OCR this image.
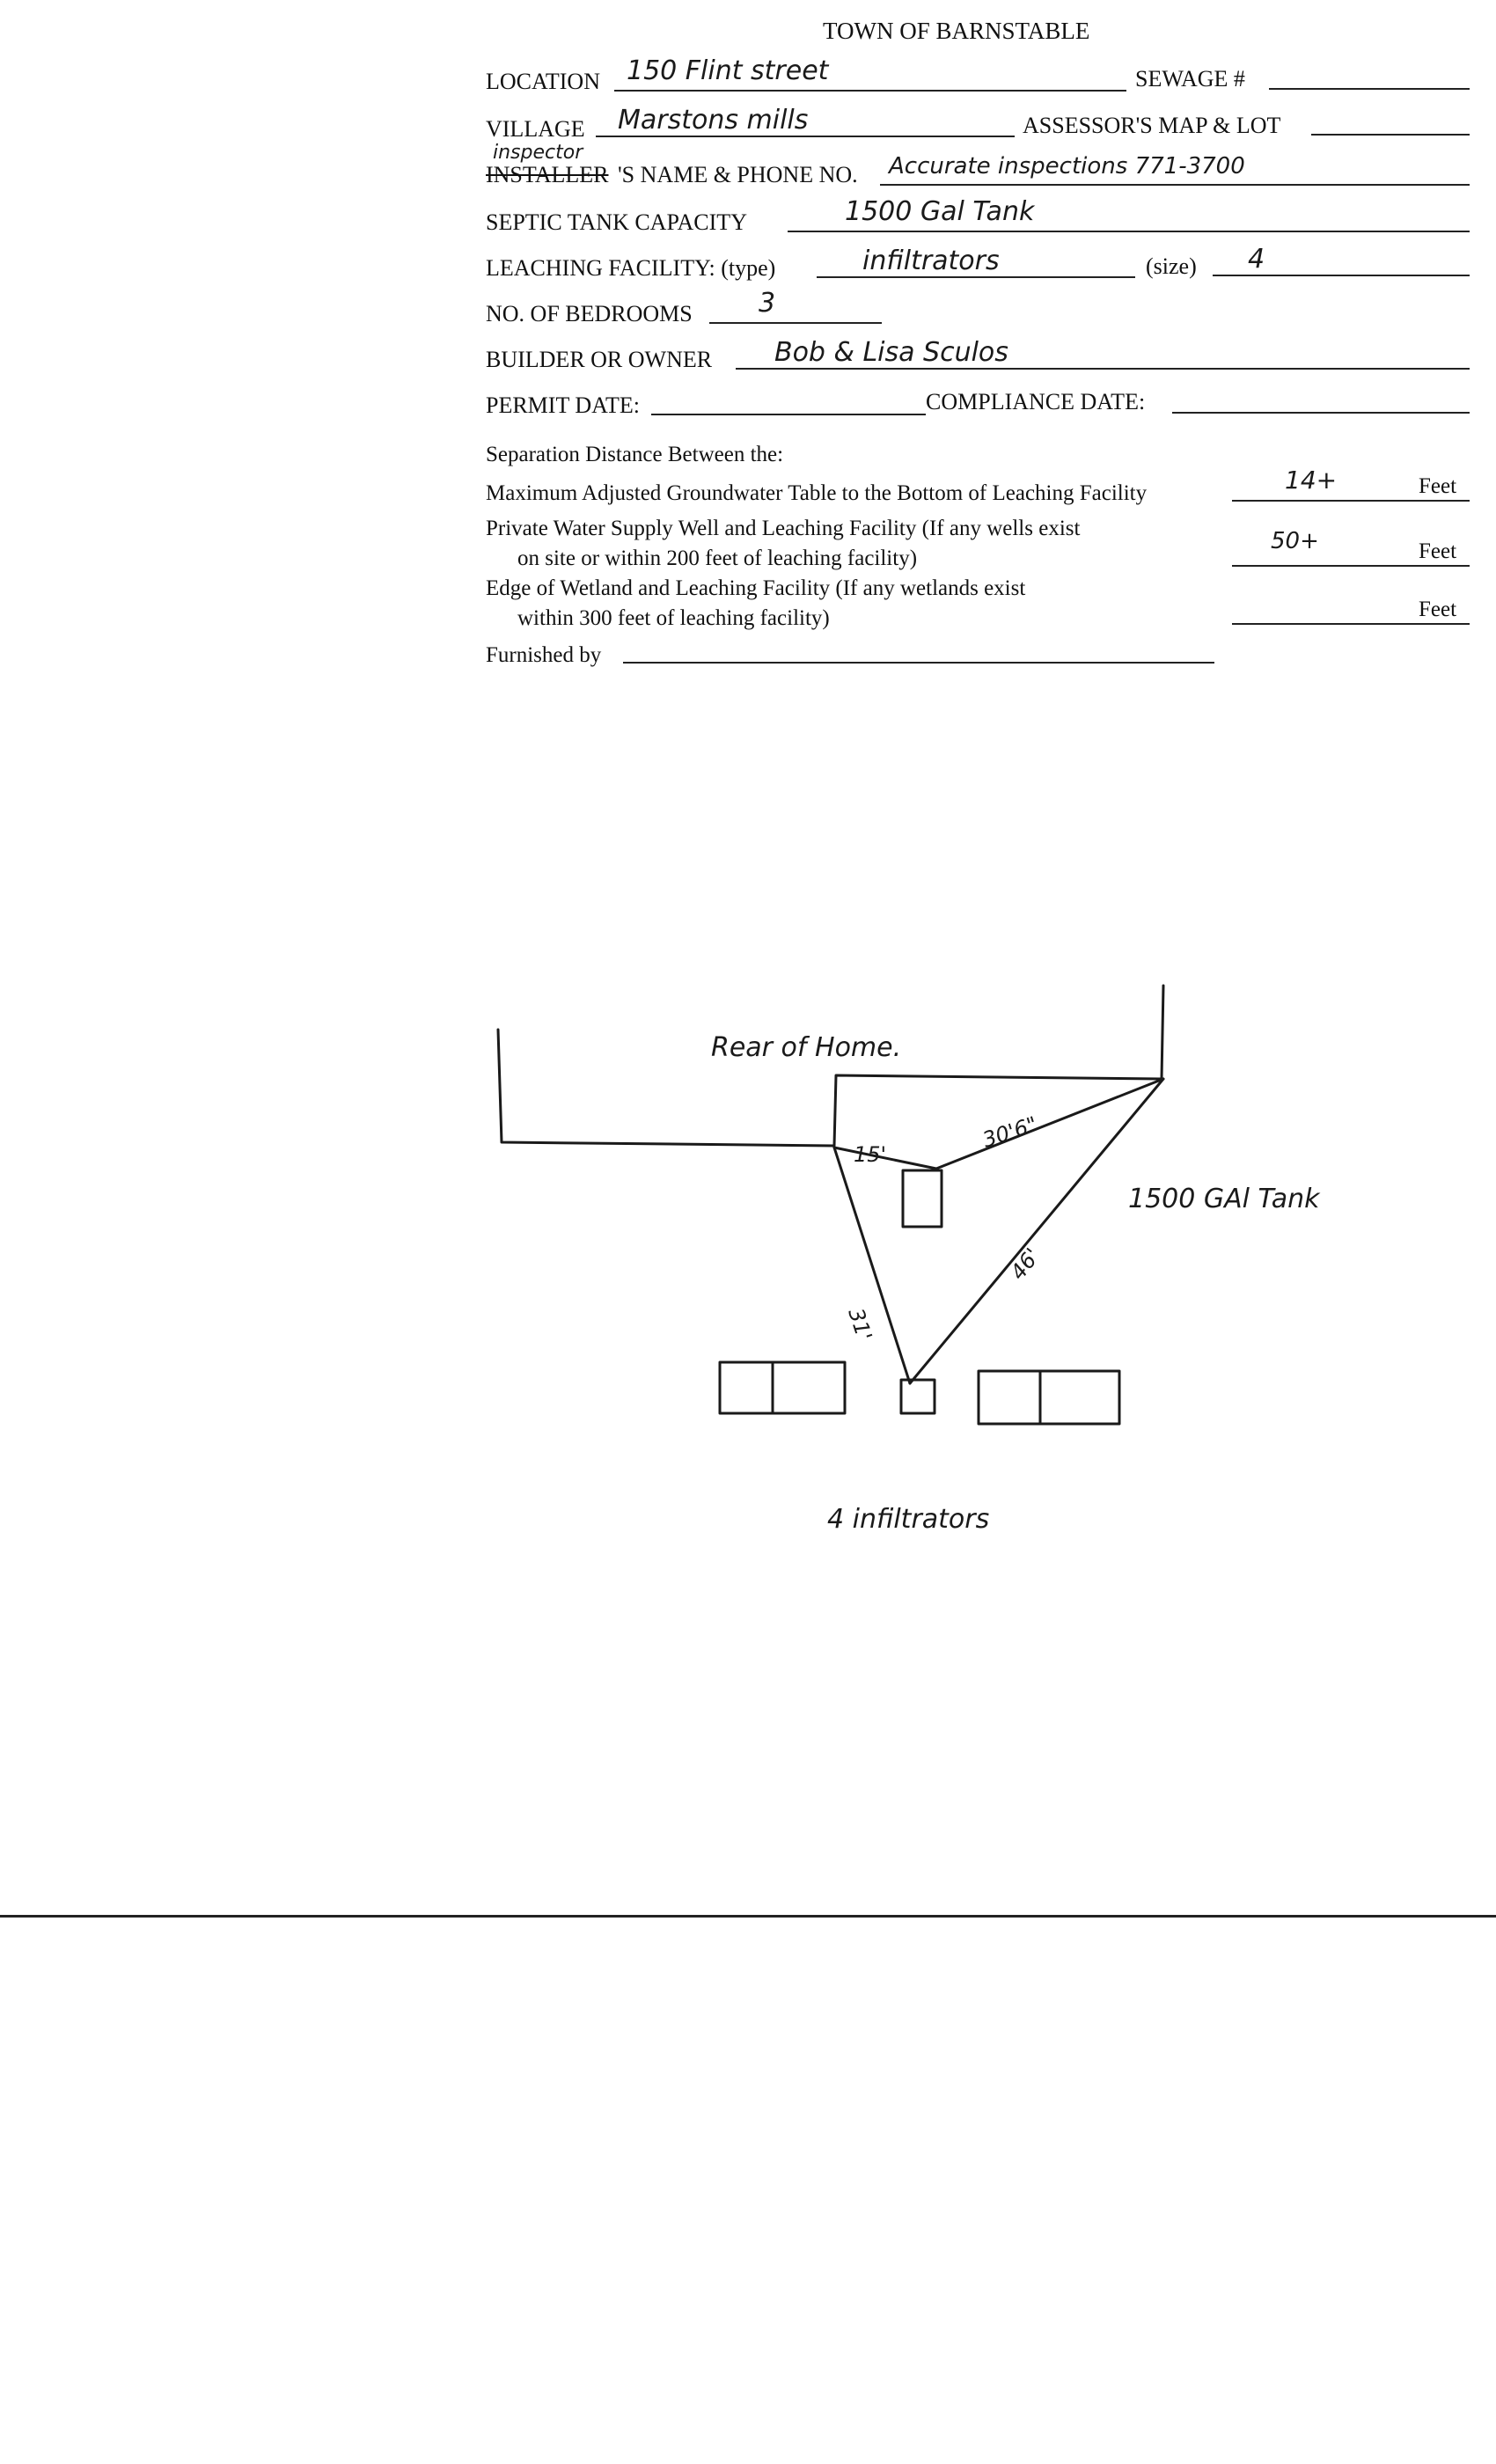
TOWN OF BARNSTABLE
LOCATION 150 Flint street	SEWAGE #
VILLAGE Marstons mills	ASSESSOR'S MAP & LOT
inspector
INSTALLER 'S NAME & PHONE NO. Accurate inspections 771-3700
SEPTIC TANK CAPACITY	1500 Gal Tank
LEACHING FACILITY: (type)	infiltrators	(size) 4
NO. OF BEDROOMS	3
BUILDER OR OWNER Bob & Lisa Sculos
PERMIT DATE:	COMPLIANCE DATE:
Separation Distance Between the:
Maximum Adjusted Groundwater Table to the Bottom of Leaching Facility	14+	Feet
Private Water Supply Well and Leaching Facility (If any wells exist
on site or within 200 feet of leaching facility)
50+	Feet
Edge of Wetland and Leaching Facility (If any wetlands exist
within 300 feet of leaching facility)	Feet
Furnished by
Rear of Home.
15'
30'6"
31'
46'
1500 GAl Tank
4 infiltrators
